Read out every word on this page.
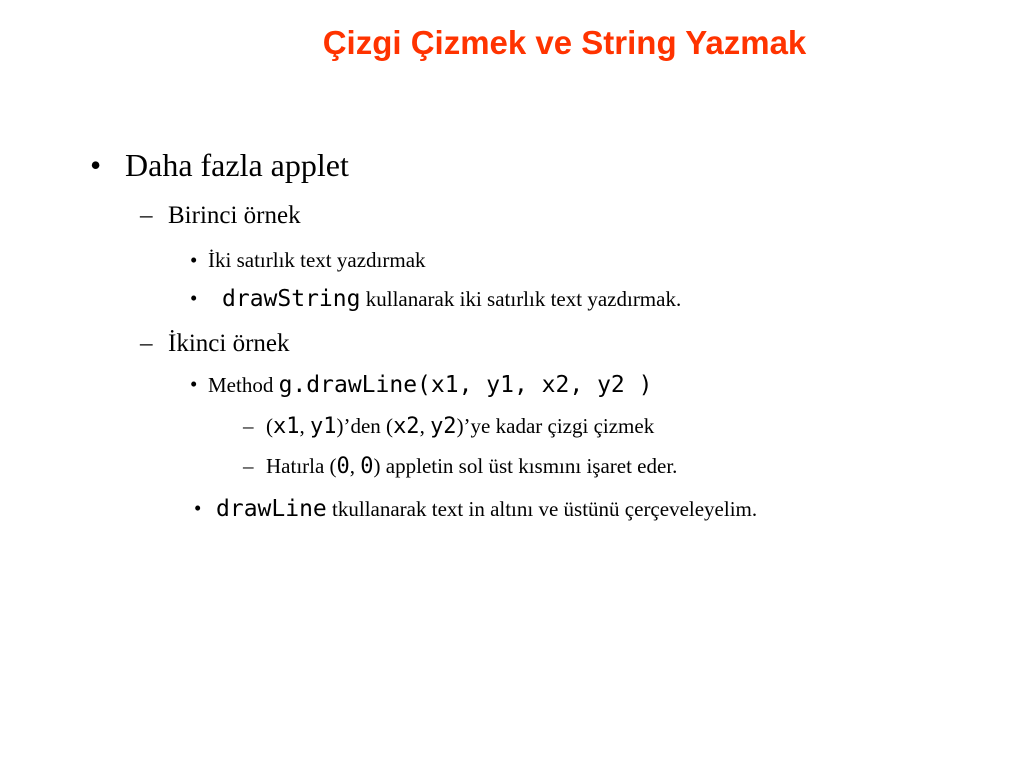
Çizgi Çizmek ve String Yazmak
• Daha fazla applet
– Birinci örnek
• İki satırlık text yazdırmak
• drawString kullanarak iki satırlık text yazdırmak.
– İkinci örnek
• Method g.drawLine(x1, y1, x2, y2 )
– (x1, y1)’den (x2, y2)’ye kadar çizgi çizmek
– Hatırla (0, 0) appletin sol üst kısmını işaret eder.
• drawLine tkullanarak text in altını ve üstünü çerçeveleyelim.
